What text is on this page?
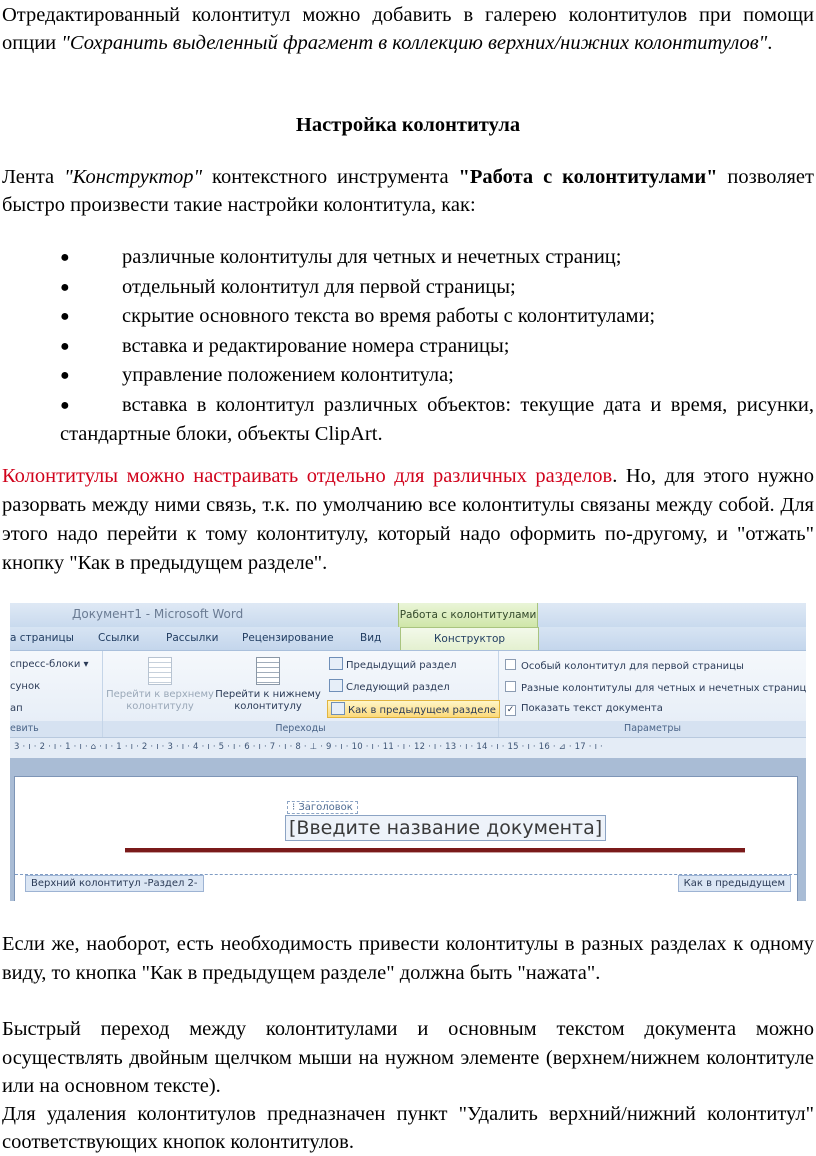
Отредактированный колонтитул можно добавить в галерею колонтитулов при помощи опции "Сохранить выделенный фрагмент в коллекцию верхних/нижних колонтитулов".

Настройка колонтитула

Лента "Конструктор" контекстного инструмента "Работа с колонтитулами" позволяет быстро произвести такие настройки колонтитула, как:

●	различные колонтитулы для четных и нечетных страниц;
●	отдельный колонтитул для первой страницы;
●	скрытие основного текста во время работы с колонтитулами;
●	вставка и редактирование номера страницы;
●	управление положением колонтитула;
●	вставка в колонтитул различных объектов: текущие дата и время, рисунки, стандартные блоки, объекты ClipArt.

Колонтитулы можно настраивать отдельно для различных разделов. Но, для этого нужно разорвать между ними связь, т.к. по умолчанию все колонтитулы связаны между собой. Для этого надо перейти к тому колонтитулу, который надо оформить по-другому, и "отжать" кнопку "Как в предыдущем разделе".

Документ1 - Microsoft Word	Работа с колонтитулами
а страницы Ссылки	Рассылки Рецензирование	Вид	Конструктор
спресс-блоки ▾
сунок
ап
евить
Перейти к верхнему колонтитулу
Перейти к нижнему колонтитулу
Предыдущий раздел
Следующий раздел
Как в предыдущем разделе
Переходы
Особый колонтитул для первой страницы
Разные колонтитулы для четных и нечетных страниц
✓ Показать текст документа
Параметры
3 · ı · 2 · ı · 1 · ı · ⌂ · ı · 1 · ı · 2 · ı · 3 · ı · 4 · ı · 5 · ı · 6 · ı · 7 · ı · 8 · ⊥ · 9 · ı · 10 · ı · 11 · ı · 12 · ı · 13 · ı · 14 · ı · 15 · ı · 16 · ⊿ · 17 · ı ·
⁝ Заголовок
[Введите название документа]
Верхний колонтитул -Раздел 2-	Как в предыдущем

Если же, наоборот, есть необходимость привести колонтитулы в разных разделах к одному виду, то кнопка "Как в предыдущем разделе" должна быть "нажата".

Быстрый переход между колонтитулами и основным текстом документа можно осуществлять двойным щелчком мыши на нужном элементе (верхнем/нижнем колонтитуле или на основном тексте).

Для удаления колонтитулов предназначен пункт "Удалить верхний/нижний колонтитул" соответствующих кнопок колонтитулов.
